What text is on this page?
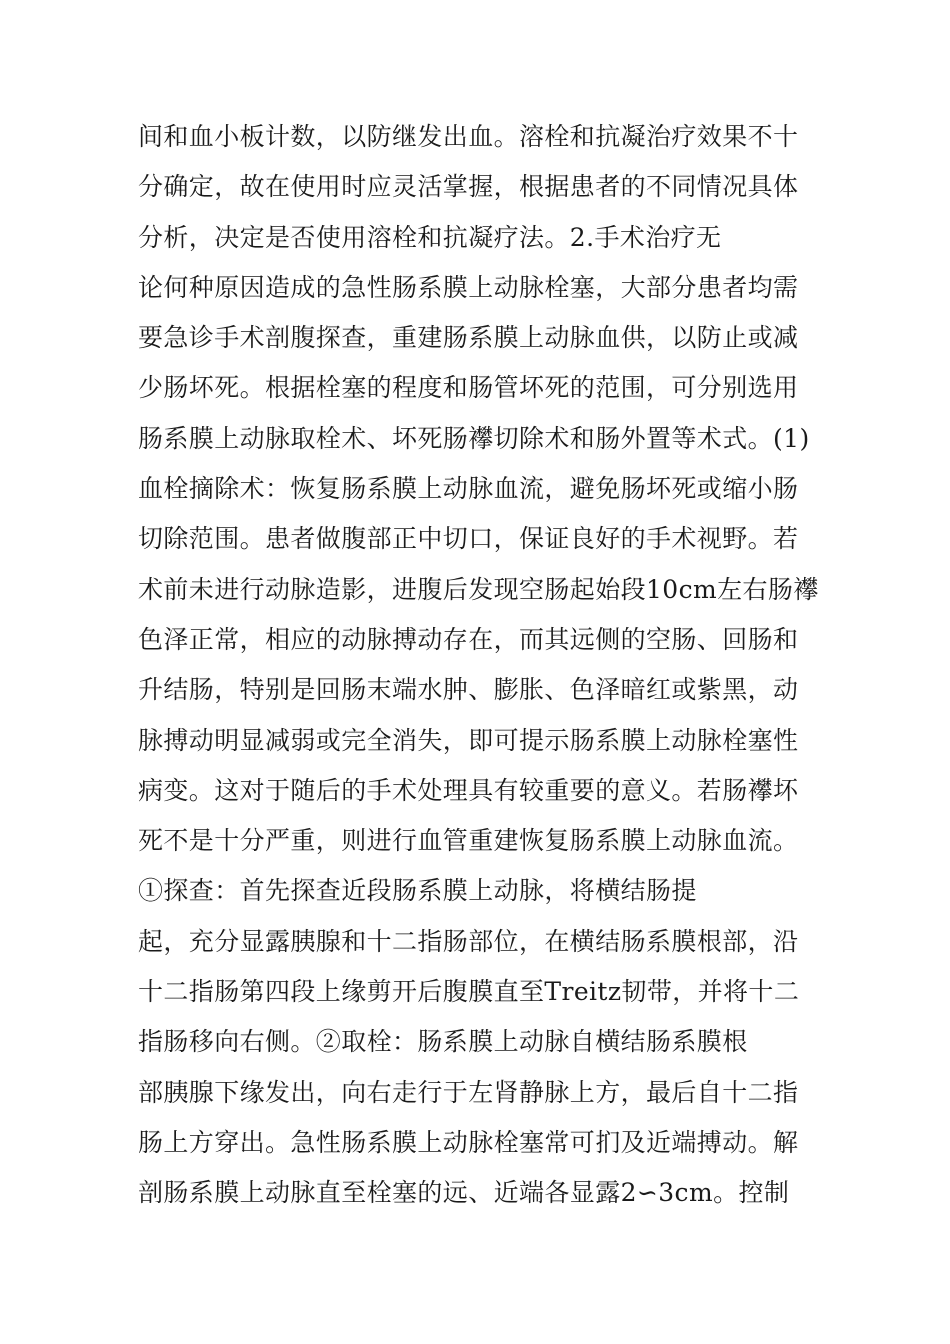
间和血小板计数，以防继发出血。溶栓和抗凝治疗效果不十
分确定，故在使用时应灵活掌握，根据患者的不同情况具体
分析，决定是否使用溶栓和抗凝疗法。2.手术治疗无
论何种原因造成的急性肠系膜上动脉栓塞，大部分患者均需
要急诊手术剖腹探查，重建肠系膜上动脉血供，以防止或减
少肠坏死。根据栓塞的程度和肠管坏死的范围，可分别选用
肠系膜上动脉取栓术、坏死肠襻切除术和肠外置等术式。(1)
血栓摘除术：恢复肠系膜上动脉血流，避免肠坏死或缩小肠
切除范围。患者做腹部正中切口，保证良好的手术视野。若
术前未进行动脉造影，进腹后发现空肠起始段10cm左右肠襻
色泽正常，相应的动脉搏动存在，而其远侧的空肠、回肠和
升结肠，特别是回肠末端水肿、膨胀、色泽暗红或紫黑，动
脉搏动明显减弱或完全消失，即可提示肠系膜上动脉栓塞性
病变。这对于随后的手术处理具有较重要的意义。若肠襻坏
死不是十分严重，则进行血管重建恢复肠系膜上动脉血流。
①探查：首先探查近段肠系膜上动脉，将横结肠提
起，充分显露胰腺和十二指肠部位，在横结肠系膜根部，沿
十二指肠第四段上缘剪开后腹膜直至Treitz韧带，并将十二
指肠移向右侧。②取栓：肠系膜上动脉自横结肠系膜根
部胰腺下缘发出，向右走行于左肾静脉上方，最后自十二指
肠上方穿出。急性肠系膜上动脉栓塞常可扪及近端搏动。解
剖肠系膜上动脉直至栓塞的远、近端各显露2∽3cm。控制
